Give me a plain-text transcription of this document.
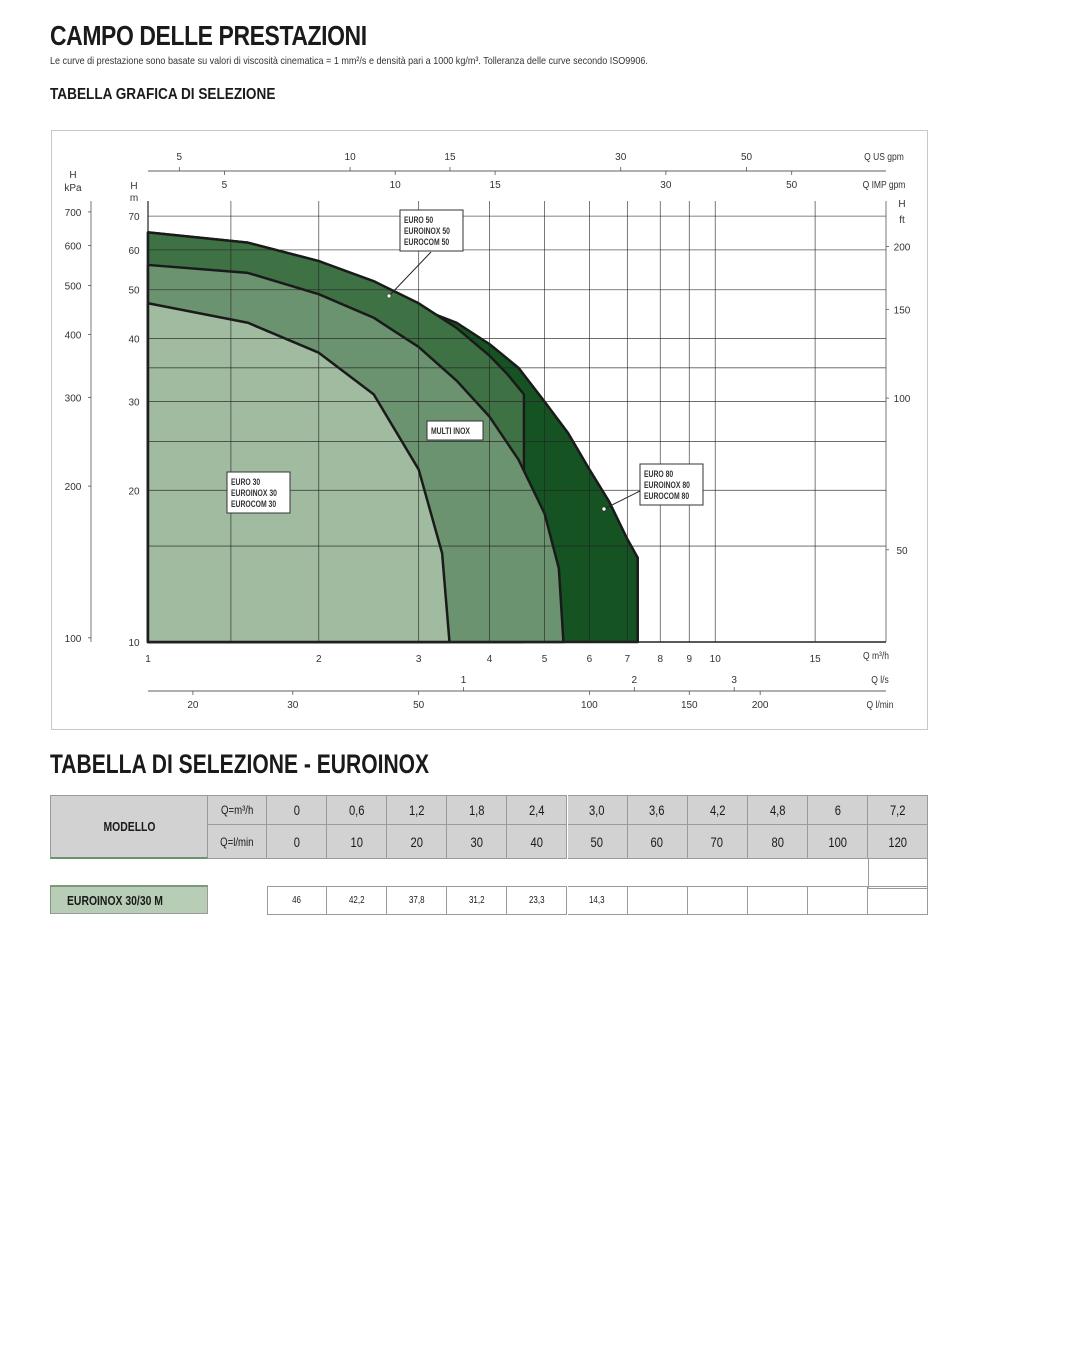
CAMPO DELLE PRESTAZIONI
Le curve di prestazione sono basate su valori di viscosità cinematica = 1 mm²/s e densità pari a 1000 kg/m³. Tolleranza delle curve secondo ISO9906.
TABELLA GRAFICA DI SELEZIONE
H
m
10
20
30
40
50
60
70
H
kPa
100
200
300
400
500
600
700
H
ft
50
100
150
200
1	2	3	4	5	6	7	8 9 10	15	Q m³/h
5	10	15	30	50	Q US gpm
5	10	15	30	50	Q IMP gpm
1	2	3	Q l/s
20	30	50	100	150	200	Q l/min
EURO 50
EUROINOX 50
EUROCOM 50
MULTI INOX
EURO 30
EUROINOX 30
EUROCOM 30
EURO 80
EUROINOX 80
EUROCOM 80
TABELLA DI SELEZIONE - EUROINOX
MODELLO
Q=m³/h
Q=l/min
0	0,6	1,2	1,8	2,4	3,0	3,6	4,2	4,8	6	7,2
0	10	20	30	40	50	60	70	80	100	120
EUROINOX 30/30 M	46	42,2	37,8	31,2	23,3	14,3
